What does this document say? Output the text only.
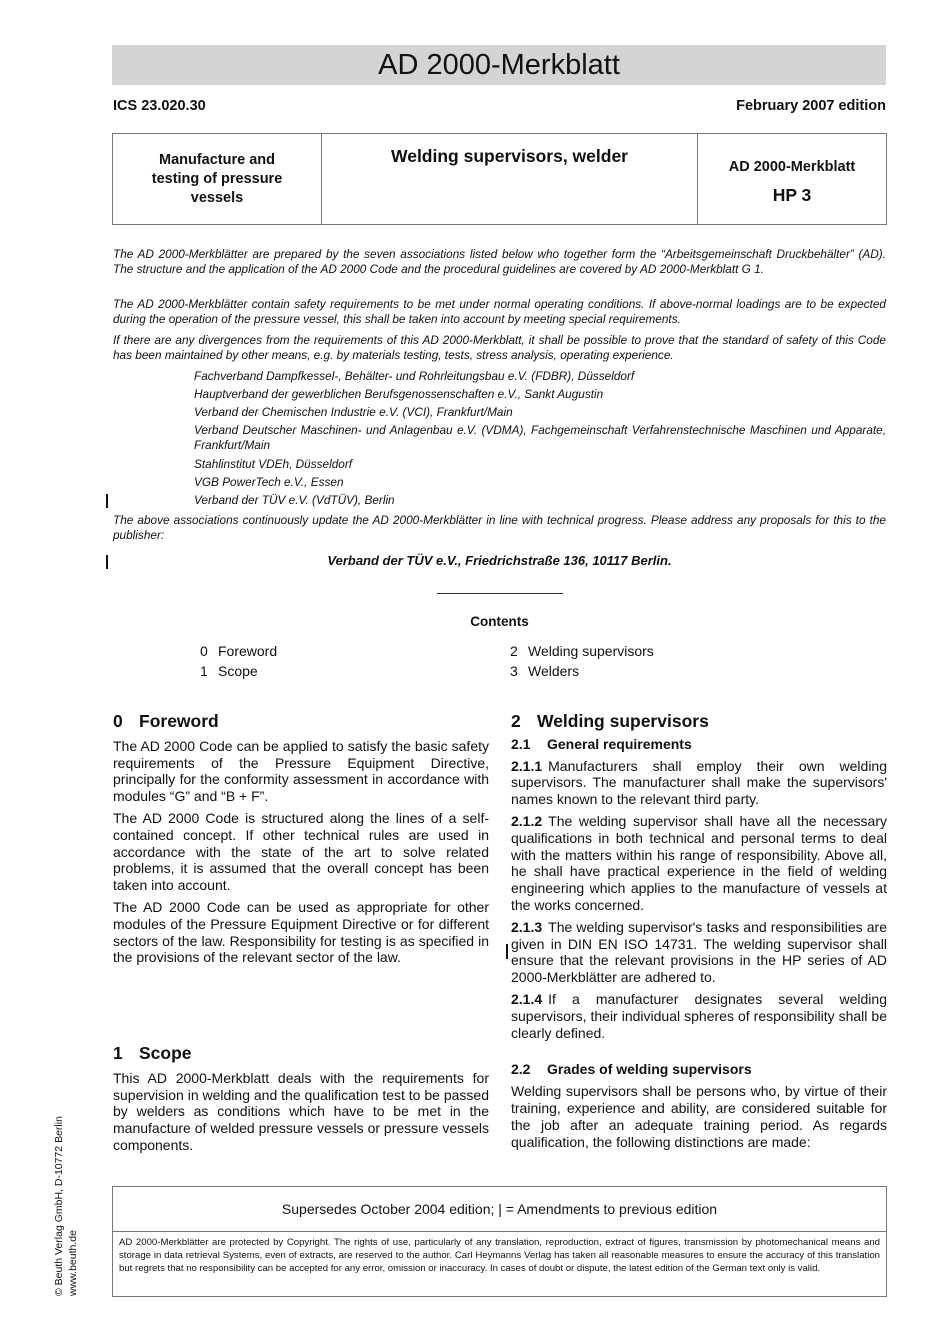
AD 2000-Merkblatt
ICS 23.020.30	February 2007 edition
Manufacture and testing of pressure vessels
Welding supervisors, welder
AD 2000-Merkblatt
HP 3
The AD 2000-Merkblätter are prepared by the seven associations listed below who together form the “Arbeitsgemeinschaft Druckbehälter” (AD). The structure and the application of the AD 2000 Code and the procedural guidelines are covered by AD 2000-Merkblatt G 1.
The AD 2000-Merkblätter contain safety requirements to be met under normal operating conditions. If above-normal loadings are to be expected during the operation of the pressure vessel, this shall be taken into account by meeting special requirements.
If there are any divergences from the requirements of this AD 2000-Merkblatt, it shall be possible to prove that the standard of safety of this Code has been maintained by other means, e.g. by materials testing, tests, stress analysis, operating experience.
Fachverband Dampfkessel-, Behälter- und Rohrleitungsbau e.V. (FDBR), Düsseldorf
Hauptverband der gewerblichen Berufsgenossenschaften e.V., Sankt Augustin
Verband der Chemischen Industrie e.V. (VCI), Frankfurt/Main
Verband Deutscher Maschinen- und Anlagenbau e.V. (VDMA), Fachgemeinschaft Verfahrenstechnische Maschinen und Apparate, Frankfurt/Main
Stahlinstitut VDEh, Düsseldorf
VGB PowerTech e.V., Essen
Verband der TÜV e.V. (VdTÜV), Berlin
The above associations continuously update the AD 2000-Merkblätter in line with technical progress. Please address any proposals for this to the publisher:
Verband der TÜV e.V., Friedrichstraße 136, 10117 Berlin.
Contents
0 Foreword
1 Scope
2 Welding supervisors
3 Welders
0 Foreword

The AD 2000 Code can be applied to satisfy the basic safety requirements of the Pressure Equipment Directive, principally for the conformity assessment in accordance with modules “G” and “B + F”.

The AD 2000 Code is structured along the lines of a self-contained concept. If other technical rules are used in accordance with the state of the art to solve related problems, it is assumed that the overall concept has been taken into account.

The AD 2000 Code can be used as appropriate for other modules of the Pressure Equipment Directive or for different sectors of the law. Responsibility for testing is as specified in the provisions of the relevant sector of the law.

1 Scope

This AD 2000-Merkblatt deals with the requirements for supervision in welding and the qualification test to be passed by welders as conditions which have to be met in the manufacture of welded pressure vessels or pressure vessels components.

2 Welding supervisors
2.1 General requirements

2.1.1 Manufacturers shall employ their own welding supervisors. The manufacturer shall make the supervisors' names known to the relevant third party.

2.1.2 The welding supervisor shall have all the necessary qualifications in both technical and personal terms to deal with the matters within his range of responsibility. Above all, he shall have practical experience in the field of welding engineering which applies to the manufacture of vessels at the works concerned.

2.1.3 The welding supervisor's tasks and responsibilities are given in DIN EN ISO 14731. The welding supervisor shall ensure that the relevant provisions in the HP series of AD 2000-Merkblätter are adhered to.

2.1.4 If a manufacturer designates several welding supervisors, their individual spheres of responsibility shall be clearly defined.

2.2 Grades of welding supervisors

Welding supervisors shall be persons who, by virtue of their training, experience and ability, are considered suitable for the job after an adequate training period. As regards qualification, the following distinctions are made:

© Beuth Verlag GmbH, D-10772 Berlin www.beuth.de
Supersedes October 2004 edition; | = Amendments to previous edition
AD 2000-Merkblätter are protected by Copyright. The rights of use, particularly of any translation, reproduction, extract of figures, transmission by photomechanical means and storage in data retrieval Systems, even of extracts, are reserved to the author. Carl Heymanns Verlag has taken all reasonable measures to ensure the accuracy of this translation but regrets that no responsibility can be accepted for any error, omission or inaccuracy. In cases of doubt or dispute, the latest edition of the German text only is valid.
